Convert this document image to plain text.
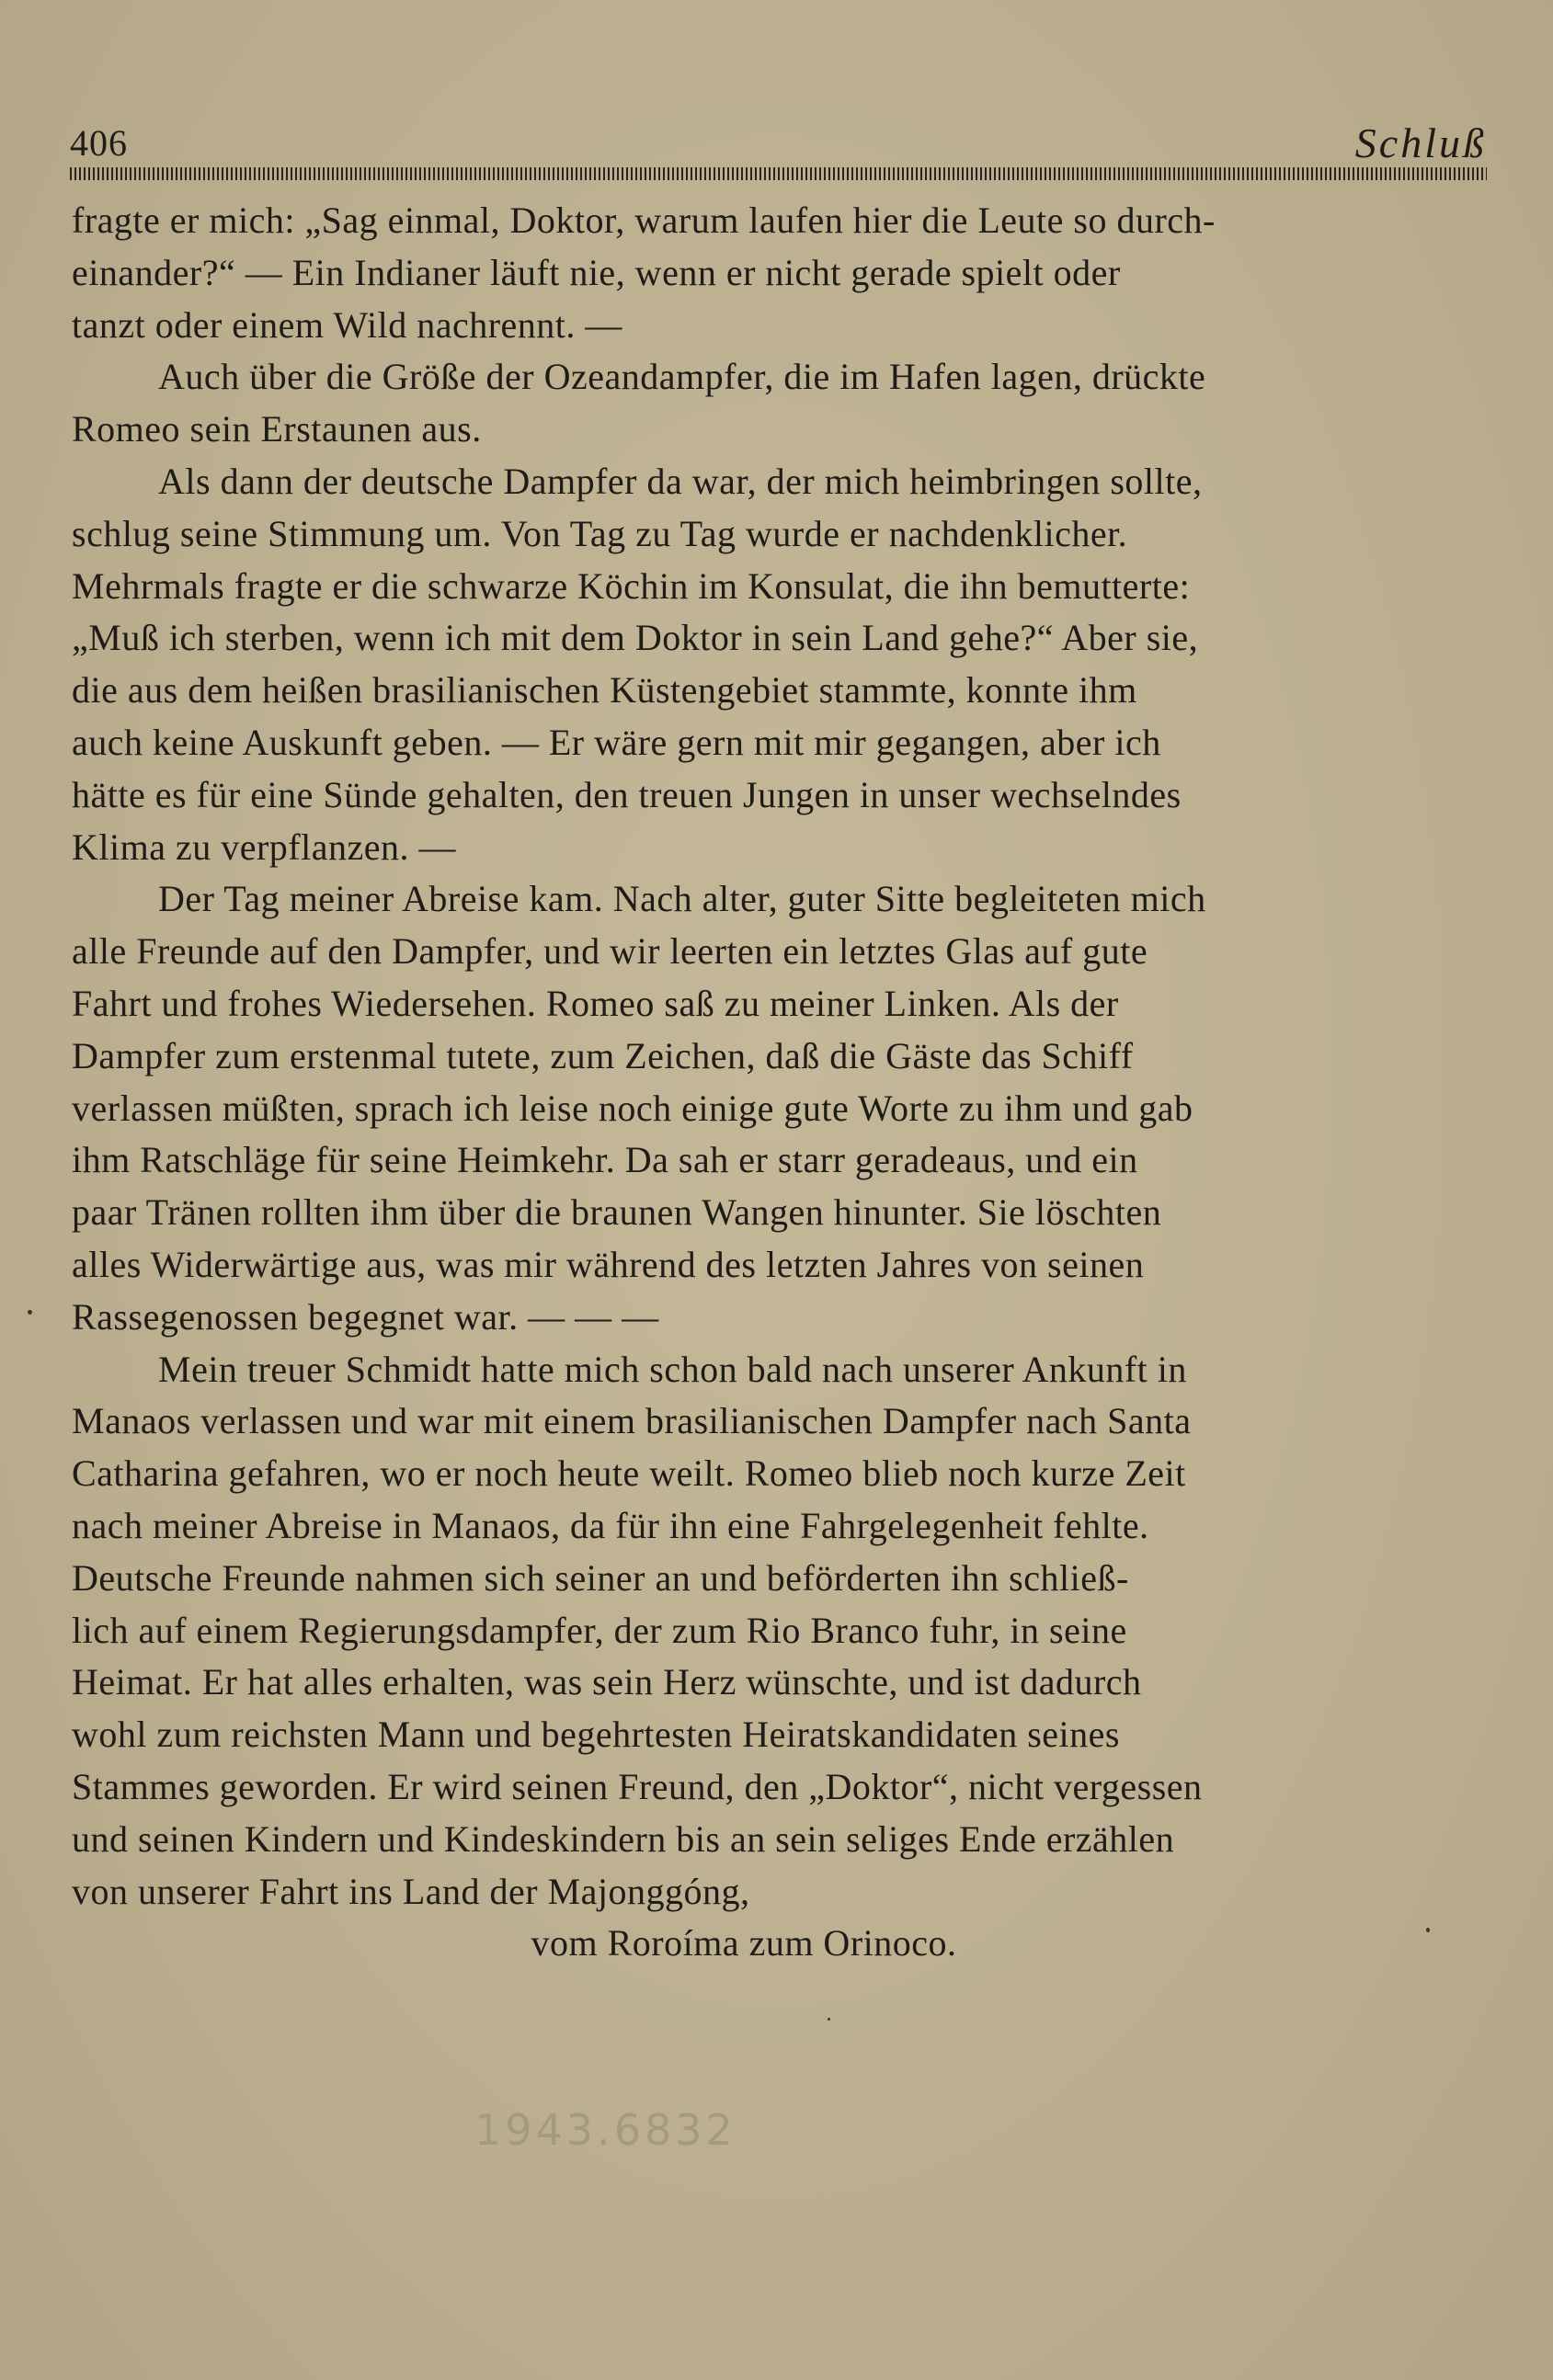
406	Schluß

fragte er mich: „Sag einmal, Doktor, warum laufen hier die Leute so durch-
einander?“ — Ein Indianer läuft nie, wenn er nicht gerade spielt oder
tanzt oder einem Wild nachrennt. —

Auch über die Größe der Ozeandampfer, die im Hafen lagen, drückte
Romeo sein Erstaunen aus.

Als dann der deutsche Dampfer da war, der mich heimbringen sollte,
schlug seine Stimmung um. Von Tag zu Tag wurde er nachdenklicher.
Mehrmals fragte er die schwarze Köchin im Konsulat, die ihn bemutterte:
„Muß ich sterben, wenn ich mit dem Doktor in sein Land gehe?“ Aber sie,
die aus dem heißen brasilianischen Küstengebiet stammte, konnte ihm
auch keine Auskunft geben. — Er wäre gern mit mir gegangen, aber ich
hätte es für eine Sünde gehalten, den treuen Jungen in unser wechselndes
Klima zu verpflanzen. —

Der Tag meiner Abreise kam. Nach alter, guter Sitte begleiteten mich
alle Freunde auf den Dampfer, und wir leerten ein letztes Glas auf gute
Fahrt und frohes Wiedersehen. Romeo saß zu meiner Linken. Als der
Dampfer zum erstenmal tutete, zum Zeichen, daß die Gäste das Schiff
verlassen müßten, sprach ich leise noch einige gute Worte zu ihm und gab
ihm Ratschläge für seine Heimkehr. Da sah er starr geradeaus, und ein
paar Tränen rollten ihm über die braunen Wangen hinunter. Sie löschten
alles Widerwärtige aus, was mir während des letzten Jahres von seinen
Rassegenossen begegnet war. — — —

Mein treuer Schmidt hatte mich schon bald nach unserer Ankunft in
Manaos verlassen und war mit einem brasilianischen Dampfer nach Santa
Catharina gefahren, wo er noch heute weilt. Romeo blieb noch kurze Zeit
nach meiner Abreise in Manaos, da für ihn eine Fahrgelegenheit fehlte.
Deutsche Freunde nahmen sich seiner an und beförderten ihn schließ-
lich auf einem Regierungsdampfer, der zum Rio Branco fuhr, in seine
Heimat. Er hat alles erhalten, was sein Herz wünschte, und ist dadurch
wohl zum reichsten Mann und begehrtesten Heiratskandidaten seines
Stammes geworden. Er wird seinen Freund, den „Doktor“, nicht vergessen
und seinen Kindern und Kindeskindern bis an sein seliges Ende erzählen
von unserer Fahrt ins Land der Majonggóng,

vom Roroíma zum Orinoco.

1943.6832
